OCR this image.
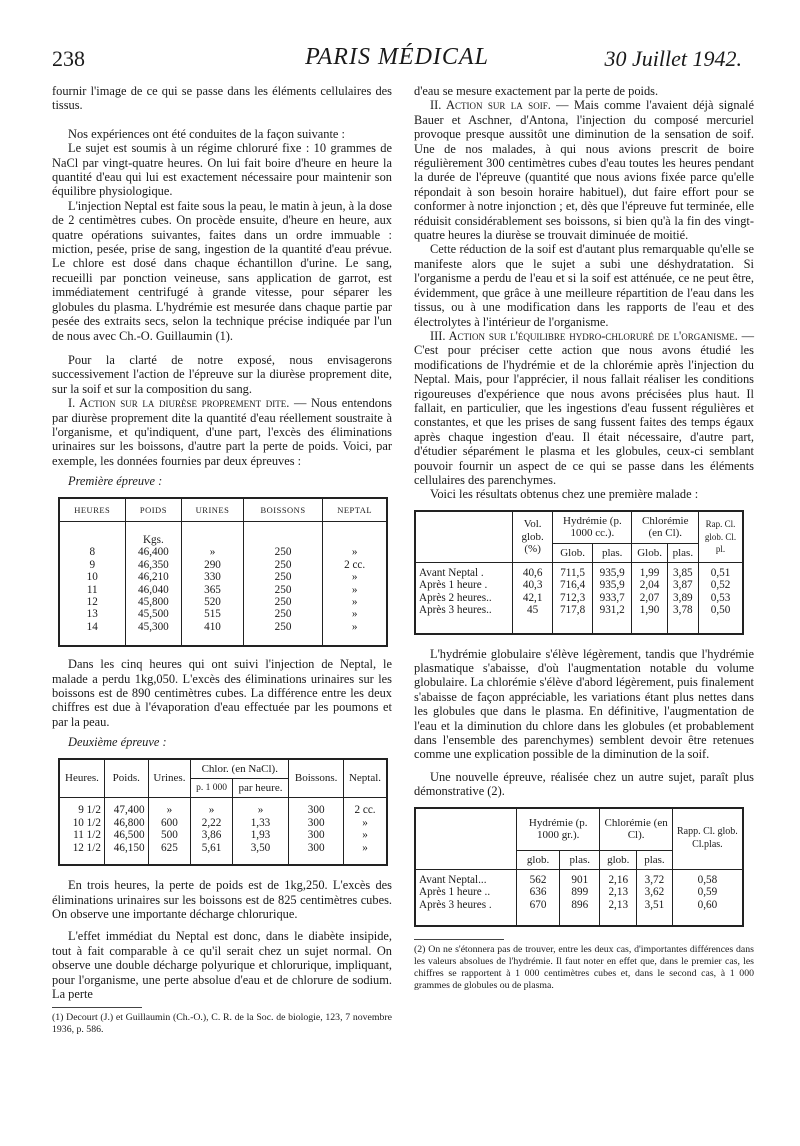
238	PARIS MÉDICAL	30 Juillet 1942.

fournir l'image de ce qui se passe dans les éléments cellulaires des tissus.

Nos expériences ont été conduites de la façon suivante :

Le sujet est soumis à un régime chloruré fixe : 10 grammes de NaCl par vingt-quatre heures. On lui fait boire d'heure en heure la quantité d'eau qui lui est exactement nécessaire pour maintenir son équilibre physiologique.

L'injection Neptal est faite sous la peau, le matin à jeun, à la dose de 2 centimètres cubes. On procède ensuite, d'heure en heure, aux quatre opérations suivantes, faites dans un ordre immuable : miction, pesée, prise de sang, ingestion de la quantité d'eau prévue. Le chlore est dosé dans chaque échantillon d'urine. Le sang, recueilli par ponction veineuse, sans application de garrot, est immédiatement centrifugé à grande vitesse, pour séparer les globules du plasma. L'hydrémie est mesurée dans chaque partie par pesée des extraits secs, selon la technique précise indiquée par l'un de nous avec Ch.-O. Guillaumin (1).

Pour la clarté de notre exposé, nous envisagerons successivement l'action de l'épreuve sur la diurèse proprement dite, sur la soif et sur la composition du sang.

I. Action sur la diurèse proprement dite. — Nous entendons par diurèse proprement dite la quantité d'eau réellement soustraite à l'organisme, et qu'indiquent, d'une part, l'excès des éliminations urinaires sur les boissons, d'autre part la perte de poids. Voici, par exemple, les données fournies par deux épreuves :

Première épreuve :

HEURES	POIDS	URINES	BOISSONS	NEPTAL
	Kgs.			
8	46,400	»	250	»
9	46,350	290	250	2 cc.
10	46,210	330	250	»
11	46,040	365	250	»
12	45,800	520	250	»
13	45,500	515	250	»
14	45,300	410	250	»

Dans les cinq heures qui ont suivi l'injection de Neptal, le malade a perdu 1kg,050. L'excès des éliminations urinaires sur les boissons est de 890 centimètres cubes. La différence entre les deux chiffres est due à l'évaporation d'eau effectuée par les poumons et par la peau.

Deuxième épreuve :

Heures.	Poids.	Urines.	Chlor. (en NaCl).		Boissons.	Neptal.
			p. 1 000	par heure.		
9 1/2	47,400	»	»	»	300	2 cc.
10 1/2	46,800	600	2,22	1,33	300	»
11 1/2	46,500	500	3,86	1,93	300	»
12 1/2	46,150	625	5,61	3,50	300	»

En trois heures, la perte de poids est de 1kg,250. L'excès des éliminations urinaires sur les boissons est de 825 centimètres cubes. On observe une importante décharge chlorurique.

L'effet immédiat du Neptal est donc, dans le diabète insipide, tout à fait comparable à ce qu'il serait chez un sujet normal. On observe une double décharge polyurique et chlorurique, impliquant, pour l'organisme, une perte absolue d'eau et de chlorure de sodium. La perte

(1) Decourt (J.) et Guillaumin (Ch.-O.), C. R. de la Soc. de biologie, 123, 7 novembre 1936, p. 586.

d'eau se mesure exactement par la perte de poids.

II. Action sur la soif. — Mais comme l'avaient déjà signalé Bauer et Aschner, d'Antona, l'injection du composé mercuriel provoque presque aussitôt une diminution de la sensation de soif. Une de nos malades, à qui nous avions prescrit de boire régulièrement 300 centimètres cubes d'eau toutes les heures pendant la durée de l'épreuve (quantité que nous avions fixée parce qu'elle répondait à son besoin horaire habituel), dut faire effort pour se conformer à notre injonction ; et, dès que l'épreuve fut terminée, elle réduisit considérablement ses boissons, si bien qu'à la fin des vingt-quatre heures la diurèse se trouvait diminuée de moitié.

Cette réduction de la soif est d'autant plus remarquable qu'elle se manifeste alors que le sujet a subi une déshydratation. Si l'organisme a perdu de l'eau et si la soif est atténuée, ce ne peut être, évidemment, que grâce à une meilleure répartition de l'eau dans les tissus, ou à une modification dans les rapports de l'eau et des électrolytes à l'intérieur de l'organisme.

III. Action sur l'équilibre hydro-chloruré de l'organisme. — C'est pour préciser cette action que nous avons étudié les modifications de l'hydrémie et de la chlorémie après l'injection du Neptal. Mais, pour l'apprécier, il nous fallait réaliser les conditions rigoureuses d'expérience que nous avons précisées plus haut. Il fallait, en particulier, que les ingestions d'eau fussent régulières et constantes, et que les prises de sang fussent faites des temps égaux après chaque ingestion d'eau. Il était nécessaire, d'autre part, d'étudier séparément le plasma et les globules, ceux-ci semblant pouvoir fournir un aspect de ce qui se passe dans les éléments cellulaires des parenchymes.

Voici les résultats obtenus chez une première malade :

	Vol. glob. (%)	Hydrémie (p. 1000 cc.).		Chlorémie (en Cl).		Rap. Cl. glob. Cl. pl.
		Glob.	plas.	Glob.	plas.	
Avant Neptal .	40,6	711,5	935,9	1,99	3,85	0,51
Après 1 heure .	40,3	716,4	935,9	2,04	3,87	0,52
Après 2 heures..	42,1	712,3	933,7	2,07	3,89	0,53
Après 3 heures..	45	717,8	931,2	1,90	3,78	0,50

L'hydrémie globulaire s'élève légèrement, tandis que l'hydrémie plasmatique s'abaisse, d'où l'augmentation notable du volume globulaire. La chlorémie s'élève d'abord légèrement, puis finalement s'abaisse de façon appréciable, les variations étant plus nettes dans les globules que dans le plasma. En définitive, l'augmentation de l'eau et la diminution du chlore dans les globules (et probablement dans l'ensemble des parenchymes) semblent devoir être retenues comme une explication possible de la diminution de la soif.

Une nouvelle épreuve, réalisée chez un autre sujet, paraît plus démonstrative (2).

	Hydrémie (p. 1000 gr.).		Chlorémie (en Cl).		Rapp. Cl. glob. Cl.plas.
	glob.	plas.	glob.	plas.	
Avant Neptal...	562	901	2,16	3,72	0,58
Après 1 heure ..	636	899	2,13	3,62	0,59
Après 3 heures .	670	896	2,13	3,51	0,60

(2) On ne s'étonnera pas de trouver, entre les deux cas, d'importantes différences dans les valeurs absolues de l'hydrémie. Il faut noter en effet que, dans le premier cas, les chiffres se rapportent à 1 000 centimètres cubes et, dans le second cas, à 1 000 grammes de globules ou de plasma.
